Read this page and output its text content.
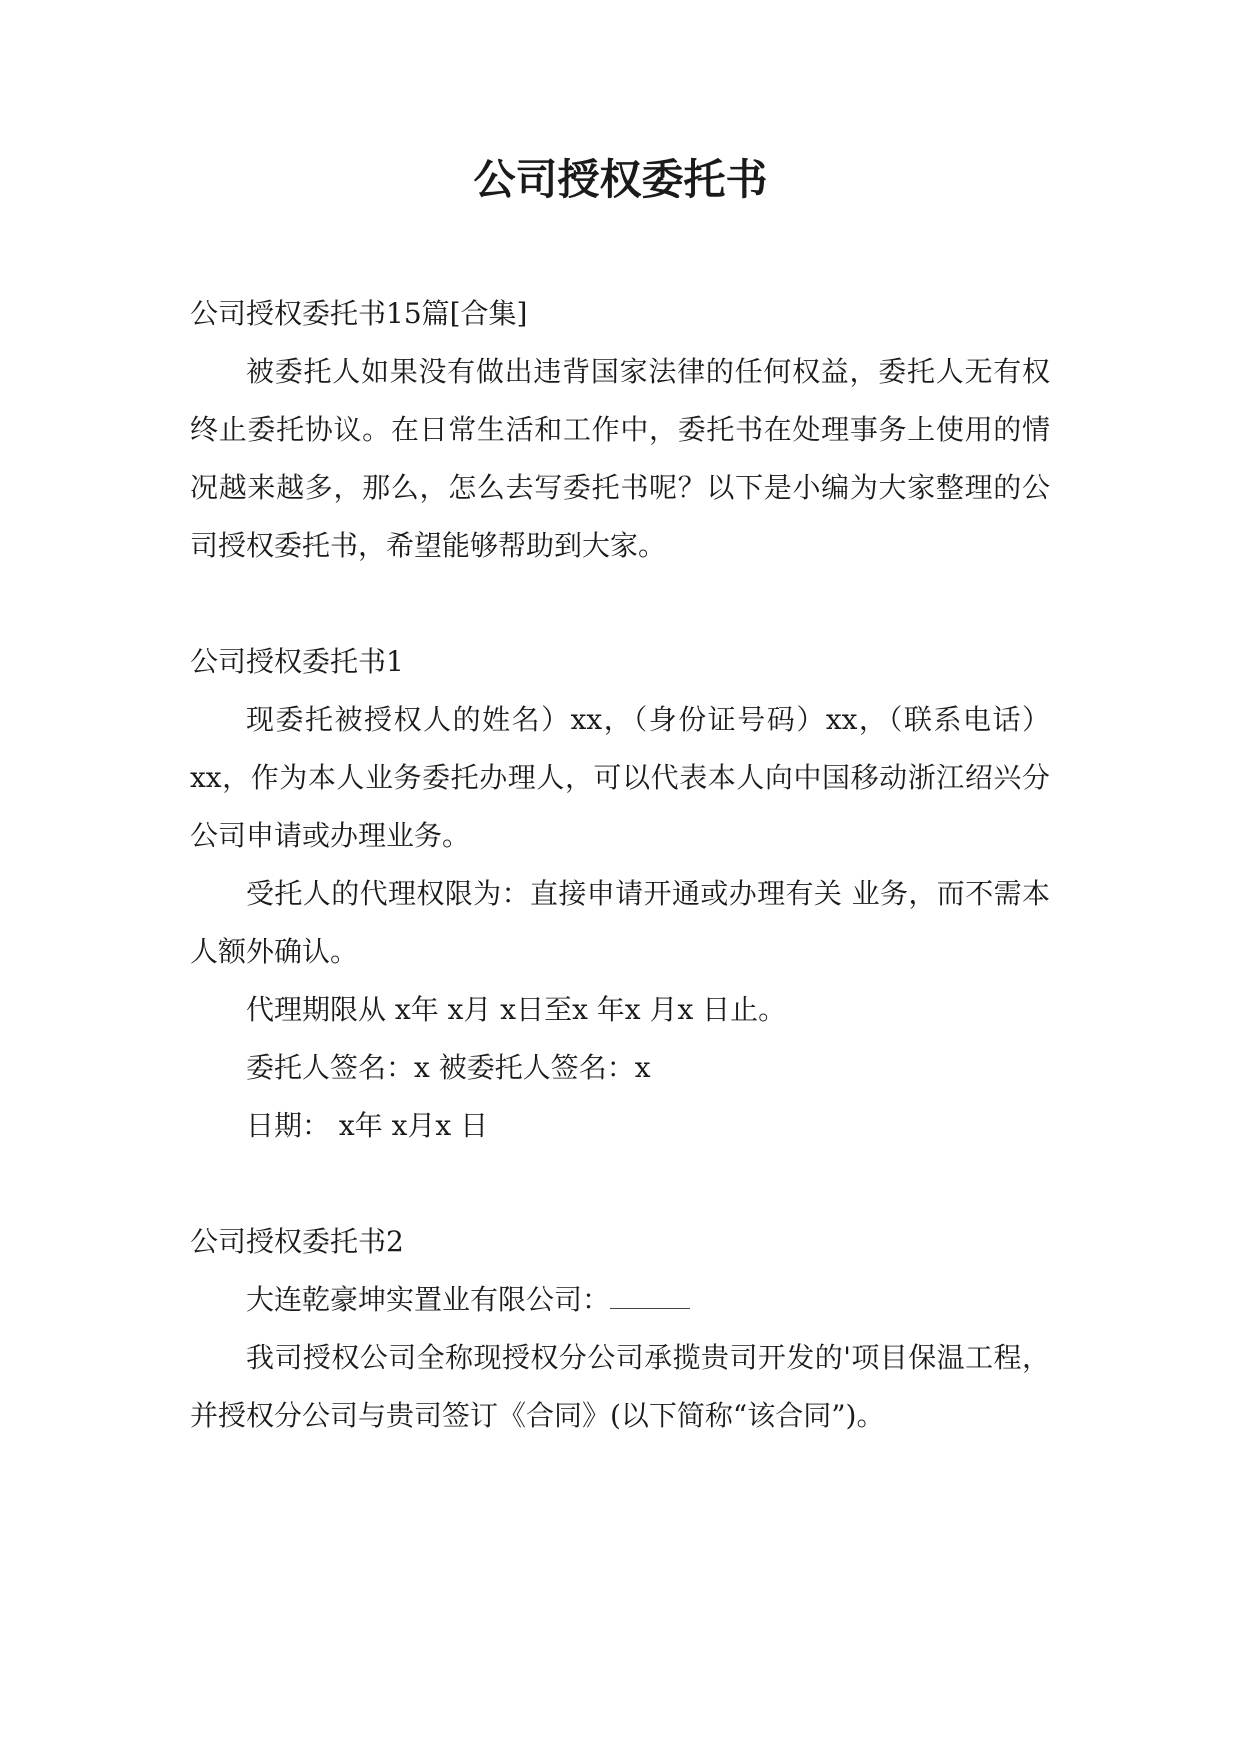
公司授权委托书

公司授权委托书15篇[合集]

被委托人如果没有做出违背国家法律的任何权益，委托人无有权终止委托协议。在日常生活和工作中，委托书在处理事务上使用的情况越来越多，那么，怎么去写委托书呢？以下是小编为大家整理的公司授权委托书，希望能够帮助到大家。

公司授权委托书1

现委托被授权人的姓名）xx，（身份证号码）xx，（联系电话）xx，作为本人业务委托办理人，可以代表本人向中国移动浙江绍兴分公司申请或办理业务。

受托人的代理权限为：直接申请开通或办理有关 业务，而不需本人额外确认。

代理期限从 x年 x月 x日至x 年x 月x 日止。

委托人签名：x 被委托人签名：x

日期： x年 x月x 日

公司授权委托书2

大连乾豪坤实置业有限公司：

我司授权公司全称现授权分公司承揽贵司开发的'项目保温工程，并授权分公司与贵司签订《合同》(以下简称“该合同”)。
